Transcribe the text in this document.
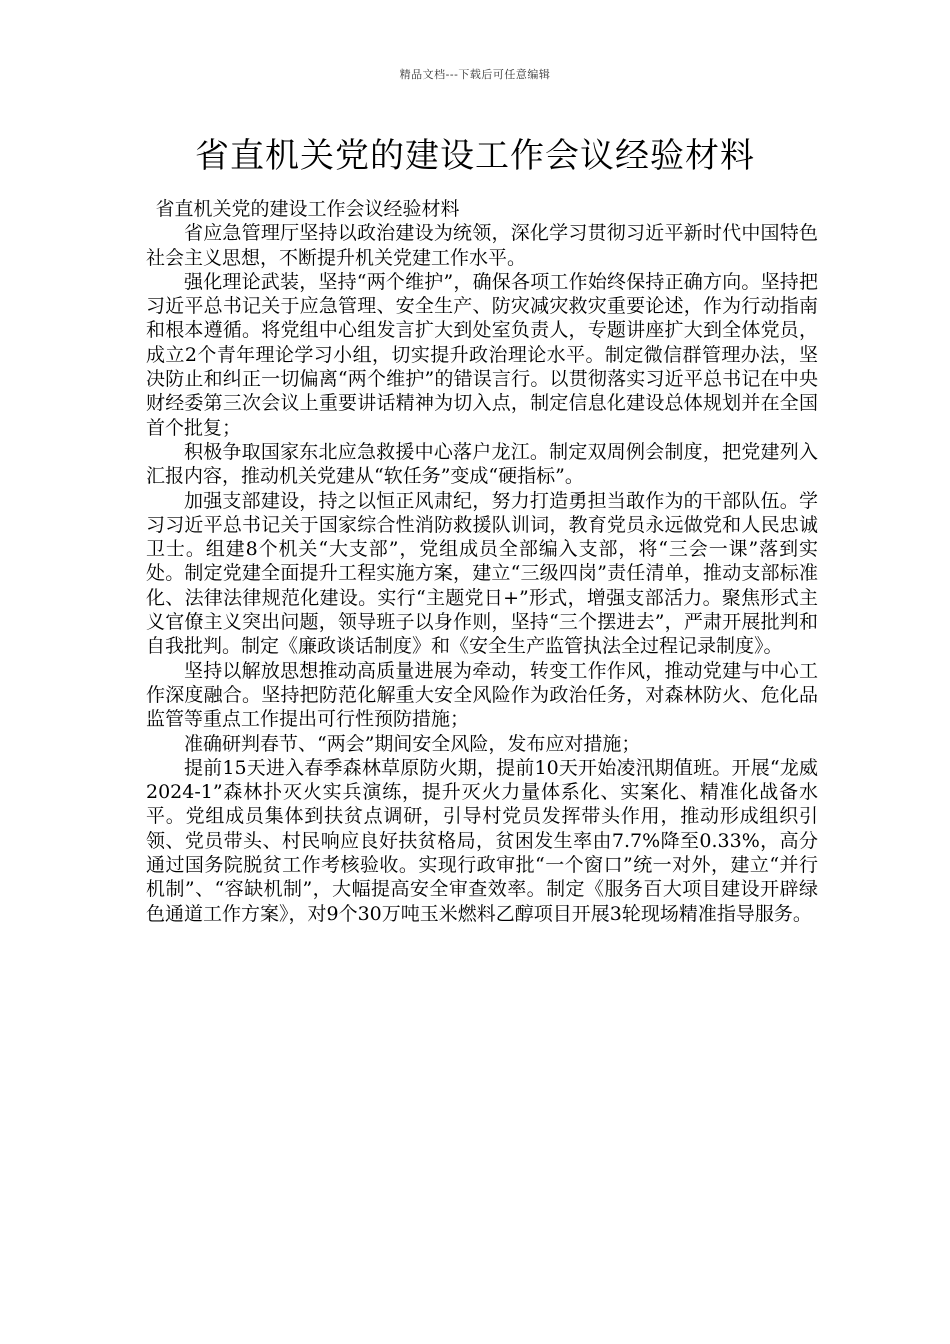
精品文档---下载后可任意编辑
省直机关党的建设工作会议经验材料

省直机关党的建设工作会议经验材料

省应急管理厅坚持以政治建设为统领，深化学习贯彻习近平新时代中国特色社会主义思想，不断提升机关党建工作水平。

强化理论武装，坚持“两个维护”，确保各项工作始终保持正确方向。坚持把习近平总书记关于应急管理、安全生产、防灾减灾救灾重要论述，作为行动指南和根本遵循。将党组中心组发言扩大到处室负责人，专题讲座扩大到全体党员，成立2个青年理论学习小组，切实提升政治理论水平。制定微信群管理办法，坚决防止和纠正一切偏离“两个维护”的错误言行。以贯彻落实习近平总书记在中央财经委第三次会议上重要讲话精神为切入点，制定信息化建设总体规划并在全国首个批复；

积极争取国家东北应急救援中心落户龙江。制定双周例会制度，把党建列入汇报内容，推动机关党建从“软任务”变成“硬指标”。

加强支部建设，持之以恒正风肃纪，努力打造勇担当敢作为的干部队伍。学习习近平总书记关于国家综合性消防救援队训词，教育党员永远做党和人民忠诚卫士。组建8个机关“大支部”，党组成员全部编入支部，将“三会一课”落到实处。制定党建全面提升工程实施方案，建立“三级四岗”责任清单，推动支部标准化、法律法律规范化建设。实行“主题党日+”形式，增强支部活力。聚焦形式主义官僚主义突出问题，领导班子以身作则，坚持“三个摆进去”，严肃开展批判和自我批判。制定《廉政谈话制度》和《安全生产监管执法全过程记录制度》。

坚持以解放思想推动高质量进展为牵动，转变工作作风，推动党建与中心工作深度融合。坚持把防范化解重大安全风险作为政治任务，对森林防火、危化品监管等重点工作提出可行性预防措施；

准确研判春节、“两会”期间安全风险，发布应对措施；

提前15天进入春季森林草原防火期，提前10天开始凌汛期值班。开展“龙威2024-1”森林扑灭火实兵演练，提升灭火力量体系化、实案化、精准化战备水平。党组成员集体到扶贫点调研，引导村党员发挥带头作用，推动形成组织引领、党员带头、村民响应良好扶贫格局，贫困发生率由7.7%降至0.33%，高分通过国务院脱贫工作考核验收。实现行政审批“一个窗口”统一对外，建立“并行机制”、“容缺机制”，大幅提高安全审查效率。制定《服务百大项目建设开辟绿色通道工作方案》，对9个30万吨玉米燃料乙醇项目开展3轮现场精准指导服务。
